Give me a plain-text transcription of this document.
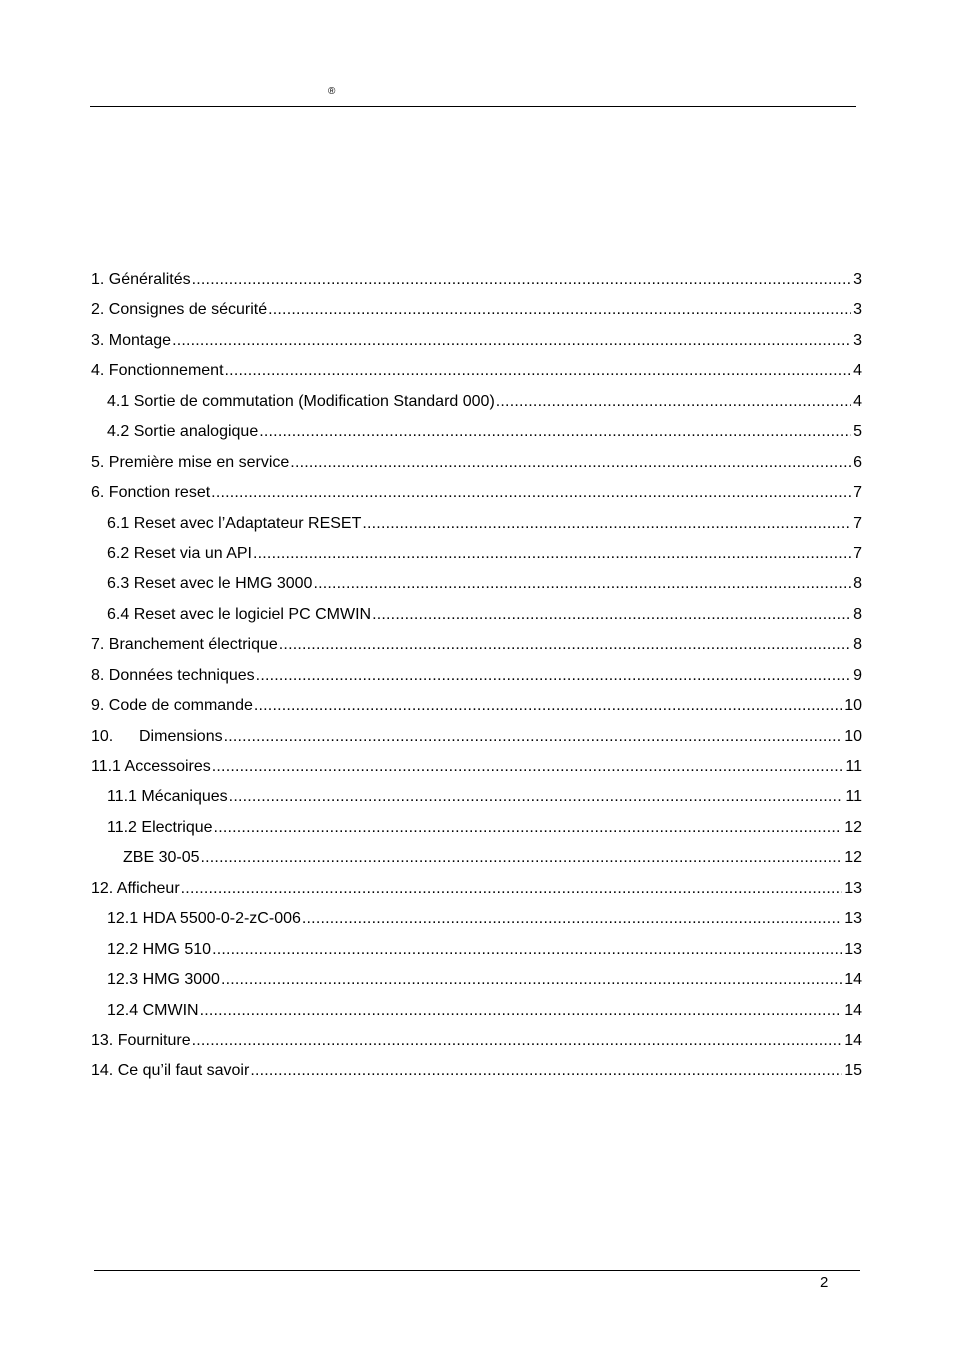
®
1. Généralités .....	3
2. Consignes de sécurité .....	3
3. Montage .....	3
4. Fonctionnement .....	4
4.1 Sortie de commutation (Modification Standard 000) .....	4
4.2 Sortie analogique .....	5
5. Première mise en service .....	6
6. Fonction reset .....	7
6.1 Reset avec l’Adaptateur RESET .....	7
6.2 Reset via un API .....	7
6.3 Reset avec le HMG 3000 .....	8
6.4 Reset avec le logiciel PC CMWIN .....	8
7. Branchement électrique .....	8
8. Données techniques .....	9
9. Code de commande .....	10
10. Dimensions .....	10
11.1 Accessoires .....	11
11.1 Mécaniques .....	11
11.2 Electrique .....	12
ZBE 30-05 .....	12
12. Afficheur .....	13
12.1 HDA 5500-0-2-zC-006 .....	13
12.2 HMG 510 .....	13
12.3 HMG 3000 .....	14
12.4 CMWIN .....	14
13. Fourniture .....	14
14. Ce qu’il faut savoir .....	15
2
